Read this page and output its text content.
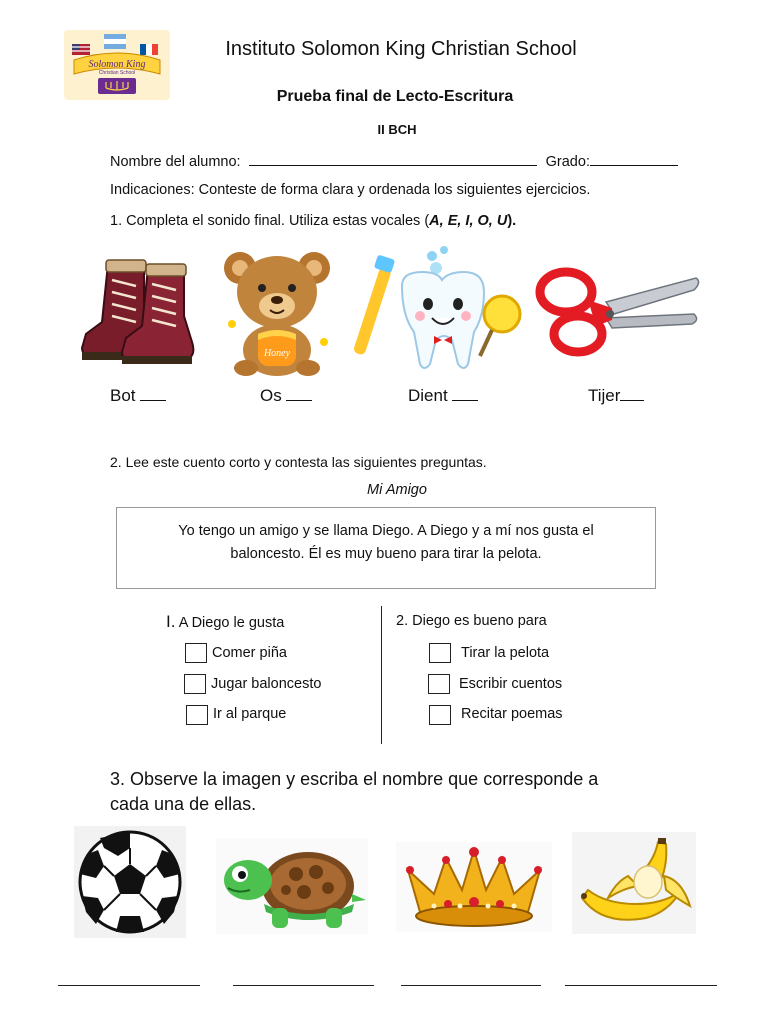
Solomon King
Christian School
Instituto Solomon King Christian School
Prueba final de Lecto-Escritura
II BCH
Nombre del alumno:	Grado:
Indicaciones: Conteste de forma clara y ordenada los siguientes ejercicios.
1. Completa el sonido final. Utiliza estas vocales (A, E, I, O, U).
Honey
Bot	Os	Dient	Tijer
2. Lee este cuento corto y contesta las siguientes preguntas.
Mi Amigo
Yo tengo un amigo y se llama Diego. A Diego y a mí nos gusta el
baloncesto. Él es muy bueno para tirar la pelota.
I. A Diego le gusta	2. Diego es bueno para
Comer piña
Jugar baloncesto
Ir al parque
Tirar la pelota
Escribir cuentos
Recitar poemas
3. Observe la imagen y escriba el nombre que corresponde a
cada una de ellas.
